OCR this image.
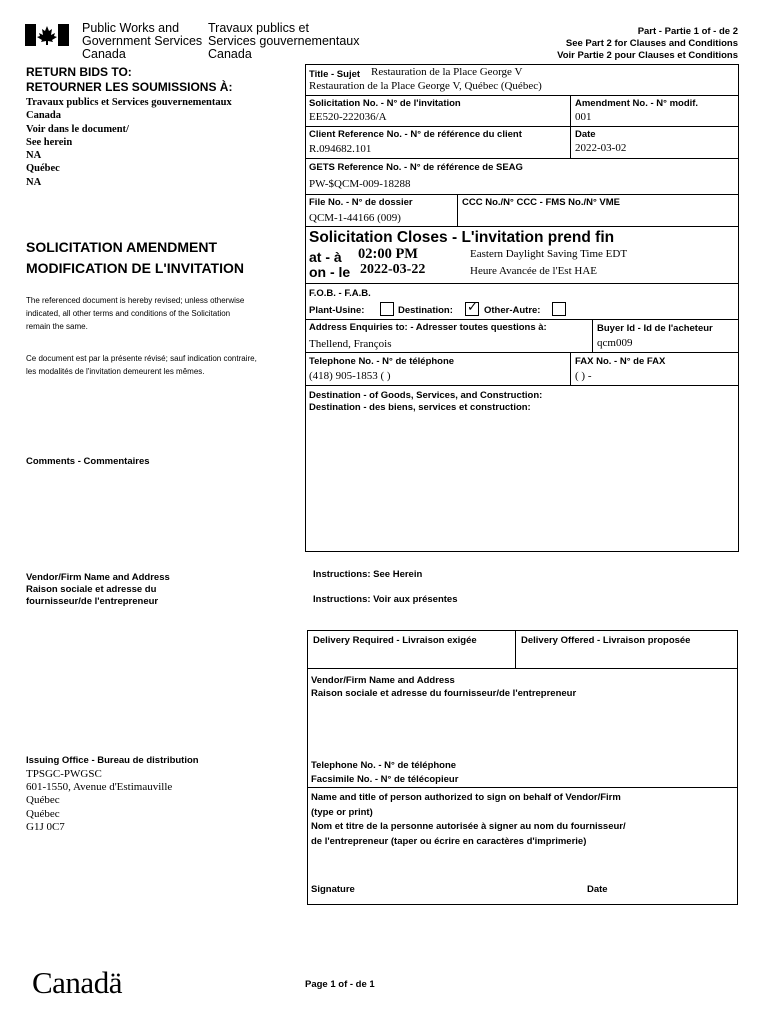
Public Works and
Government Services
Canada
Travaux publics et
Services gouvernementaux
Canada
Part - Partie 1 of - de 2
See Part 2 for Clauses and Conditions
Voir Partie 2 pour Clauses et Conditions
RETURN BIDS TO:
RETOURNER LES SOUMISSIONS À:
Travaux publics et Services gouvernementaux
Canada
Voir dans le document/
See herein
NA
Québec
NA
SOLICITATION AMENDMENT
MODIFICATION DE L'INVITATION
The referenced document is hereby revised; unless otherwise
indicated, all other terms and conditions of the Solicitation
remain the same.
Ce document est par la présente révisé; sauf indication contraire,
les modalités de l'invitation demeurent les mêmes.
Comments - Commentaires
Vendor/Firm Name and Address
Raison sociale et adresse du
fournisseur/de l'entrepreneur
Issuing Office - Bureau de distribution
TPSGC-PWGSC
601-1550, Avenue d'Estimauville
Québec
Québec
G1J 0C7
Title - Sujet Restauration de la Place George V
Restauration de la Place George V, Québec (Québec)
Solicitation No. - N° de l'invitation
EE520-222036/A
Amendment No. - N° modif.
001
Client Reference No. - N° de référence du client
R.094682.101
Date
2022-03-02
GETS Reference No. - N° de référence de SEAG
PW-$QCM-009-18288
File No. - N° de dossier
QCM-1-44166 (009)
CCC No./N° CCC - FMS No./N° VME
Solicitation Closes - L'invitation prend fin
at - à 02:00 PM
on - le 2022-03-22
Eastern Daylight Saving Time EDT
Heure Avancée de l'Est HAE
F.O.B. - F.A.B.
Plant-Usine:	Destination: ✓ Other-Autre:
Address Enquiries to: - Adresser toutes questions à:
Thellend, François
Buyer Id - Id de l'acheteur
qcm009
Telephone No. - N° de téléphone
(418) 905-1853 ( )
FAX No. - N° de FAX
( ) -
Destination - of Goods, Services, and Construction:
Destination - des biens, services et construction:
Instructions: See Herein
Instructions: Voir aux présentes
Delivery Required - Livraison exigée	Delivery Offered - Livraison proposée
Vendor/Firm Name and Address
Raison sociale et adresse du fournisseur/de l'entrepreneur
Telephone No. - N° de téléphone
Facsimile No. - N° de télécopieur
Name and title of person authorized to sign on behalf of Vendor/Firm
(type or print)
Nom et titre de la personne autorisée à signer au nom du fournisseur/
de l'entrepreneur (taper ou écrire en caractères d'imprimerie)
Signature	Date
Canadä	Page 1 of - de 1
